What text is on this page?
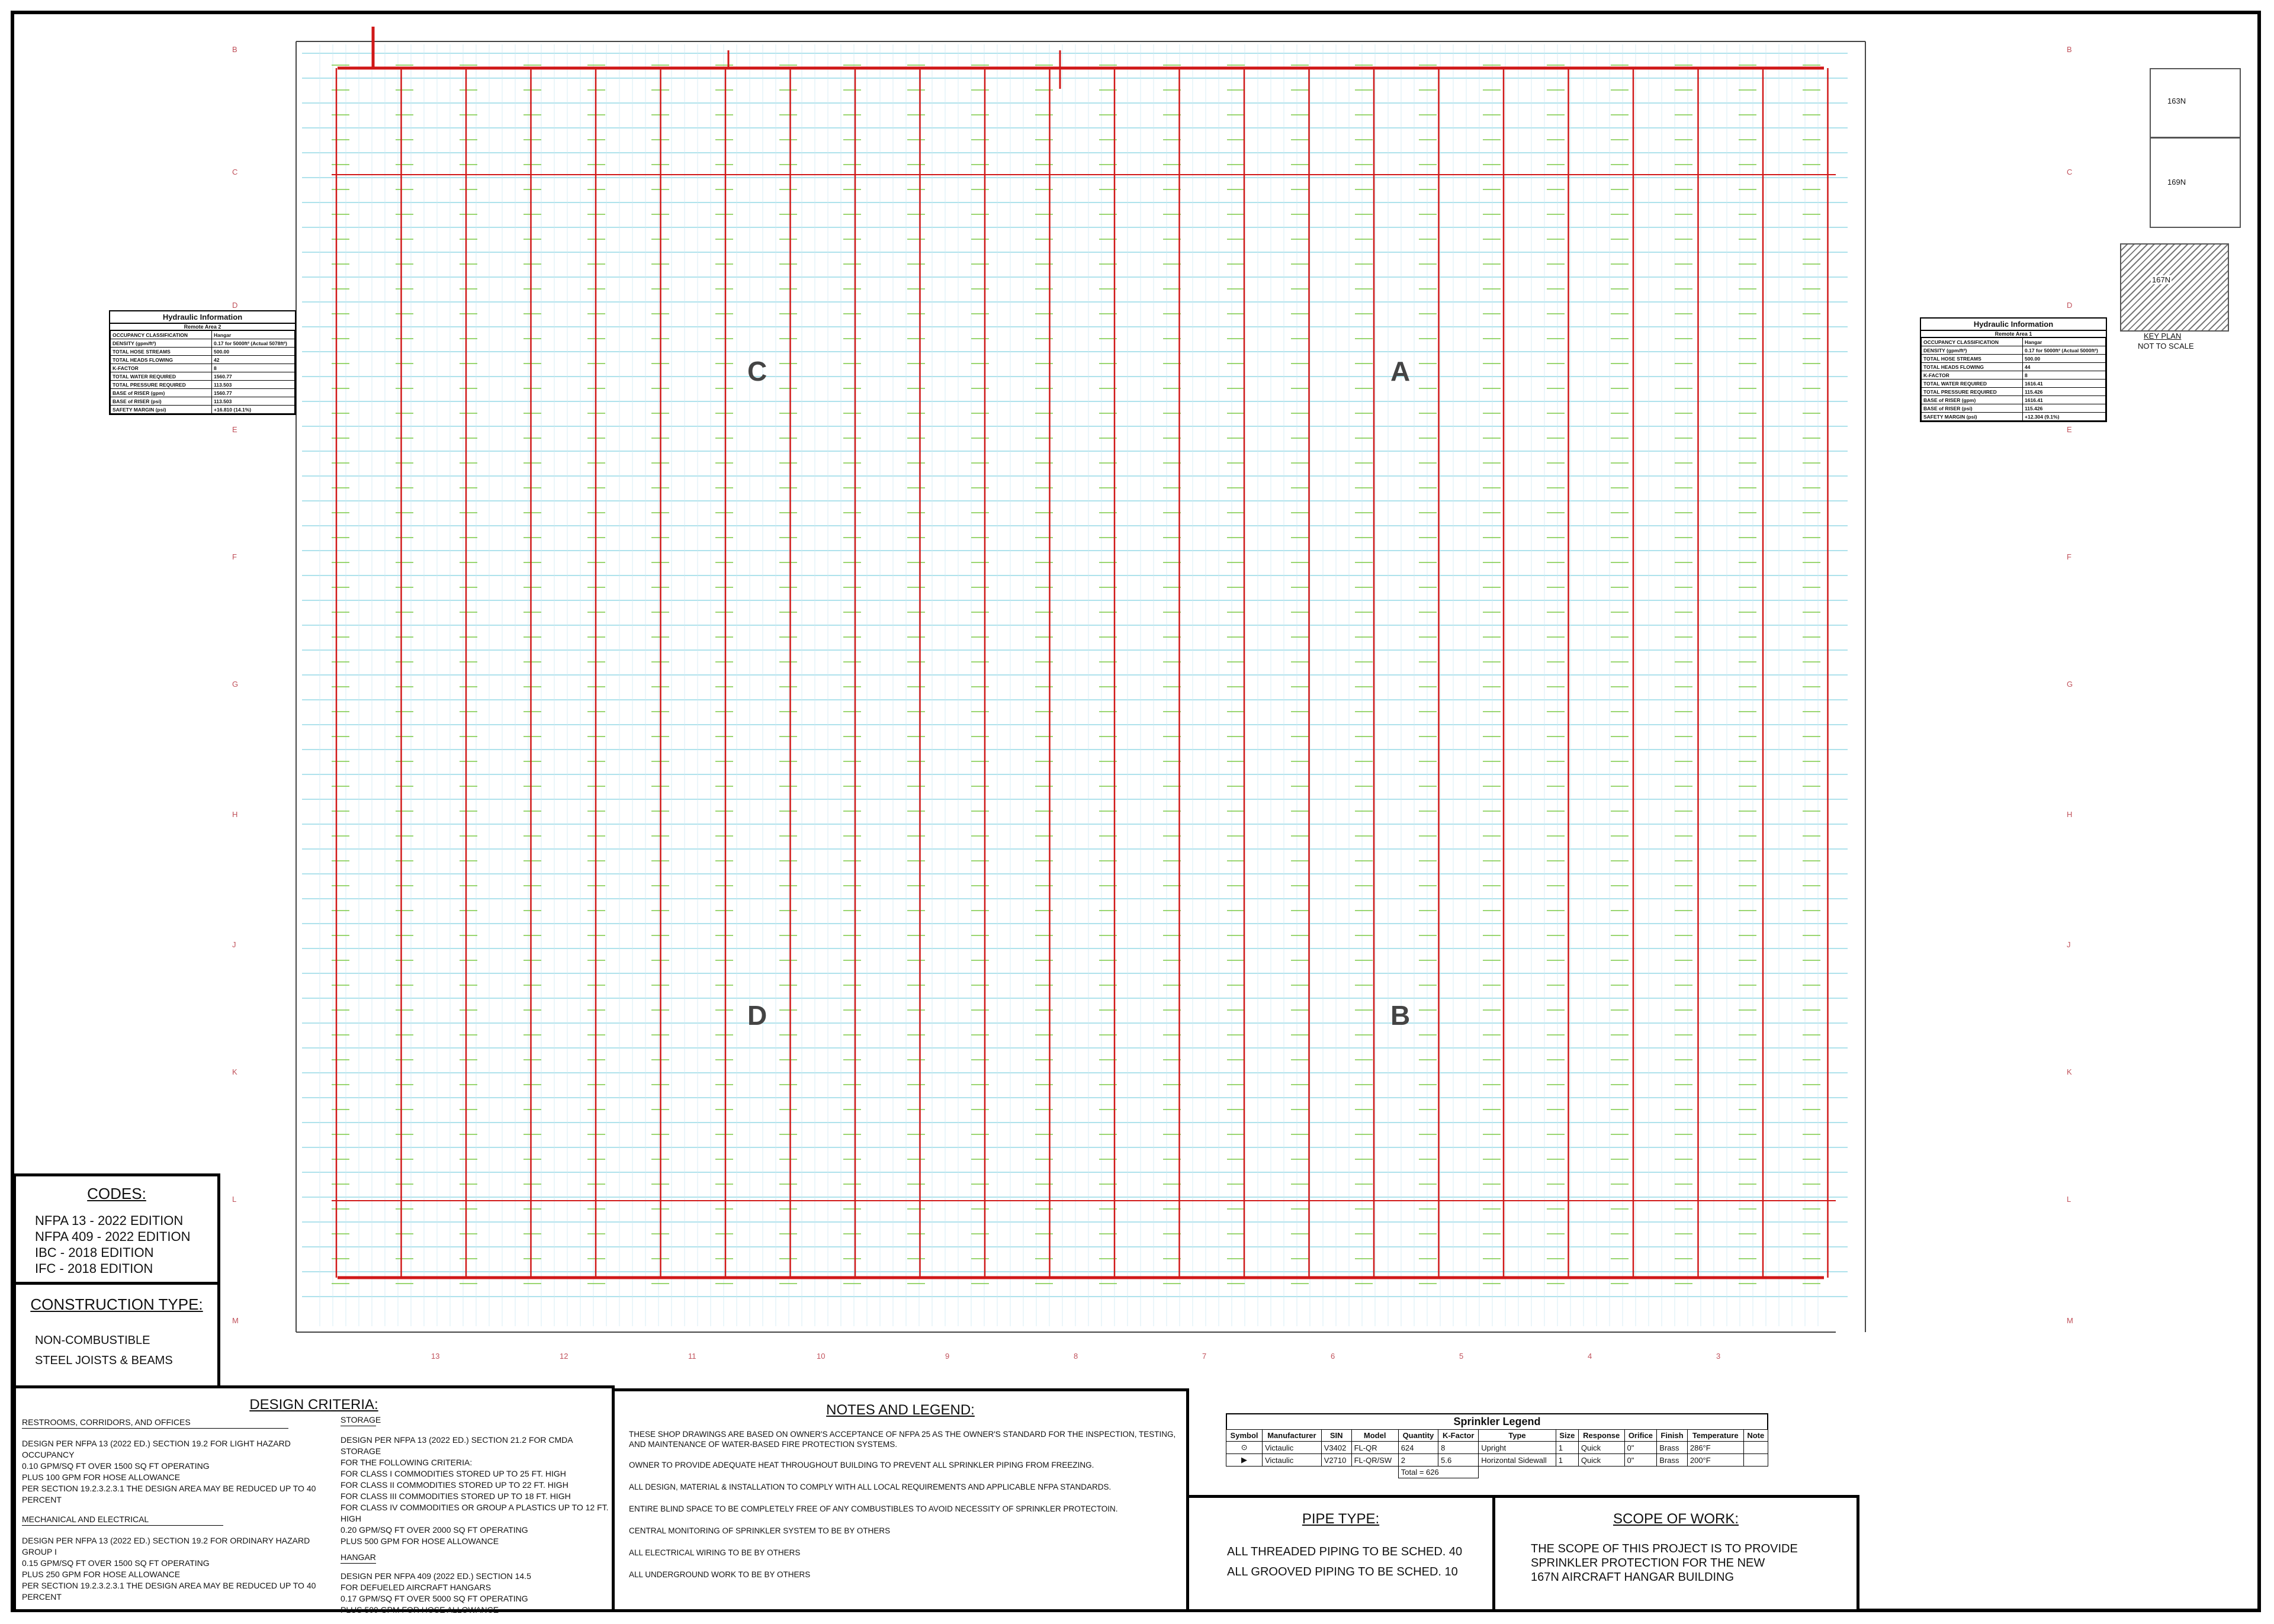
B	B
C	C
D	D
E	E
F	F
G	G
H	H
J	J
K	K
L	L
M	M
13	12	11	10	9	8	7	6	5	4	3
C	A
D	B
Hydraulic Information
Remote Area 2
OCCUPANCY CLASSIFICATION	Hangar
DENSITY (gpm/ft²)	0.17 for 5000ft² (Actual 5078ft²)
TOTAL HOSE STREAMS	500.00
TOTAL HEADS FLOWING	42
K-FACTOR	8
TOTAL WATER REQUIRED	1560.77
TOTAL PRESSURE REQUIRED	113.503
BASE of RISER (gpm)	1560.77
BASE of RISER (psi)	113.503
SAFETY MARGIN (psi)	+16.810 (14.1%)
Hydraulic Information
Remote Area 1
OCCUPANCY CLASSIFICATION	Hangar
DENSITY (gpm/ft²)	0.17 for 5000ft² (Actual 5000ft²)
TOTAL HOSE STREAMS	500.00
TOTAL HEADS FLOWING	44
K-FACTOR	8
TOTAL WATER REQUIRED	1616.41
TOTAL PRESSURE REQUIRED	115.426
BASE of RISER (gpm)	1616.41
BASE of RISER (psi)	115.426
SAFETY MARGIN (psi)	+12.304 (9.1%)
163N
169N
167N
KEY PLAN
NOT TO SCALE
CODES:
NFPA 13 - 2022 EDITION
NFPA 409 - 2022 EDITION
IBC - 2018 EDITION
IFC - 2018 EDITION
CONSTRUCTION TYPE:
NON-COMBUSTIBLE
STEEL JOISTS & BEAMS
DESIGN CRITERIA:
RESTROOMS, CORRIDORS, AND OFFICES
DESIGN PER NFPA 13 (2022 ED.) SECTION 19.2 FOR LIGHT HAZARD OCCUPANCY
0.10 GPM/SQ FT OVER 1500 SQ FT OPERATING
PLUS 100 GPM FOR HOSE ALLOWANCE
PER SECTION 19.2.3.2.3.1 THE DESIGN AREA MAY BE REDUCED UP TO 40 PERCENT
MECHANICAL AND ELECTRICAL
DESIGN PER NFPA 13 (2022 ED.) SECTION 19.2 FOR ORDINARY HAZARD GROUP I
0.15 GPM/SQ FT OVER 1500 SQ FT OPERATING
PLUS 250 GPM FOR HOSE ALLOWANCE
PER SECTION 19.2.3.2.3.1 THE DESIGN AREA MAY BE REDUCED UP TO 40 PERCENT
STORAGE
DESIGN PER NFPA 13 (2022 ED.) SECTION 21.2 FOR CMDA STORAGE
FOR THE FOLLOWING CRITERIA:
FOR CLASS I COMMODITIES STORED UP TO 25 FT. HIGH
FOR CLASS II COMMODITIES STORED UP TO 22 FT. HIGH
FOR CLASS III COMMODITIES STORED UP TO 18 FT. HIGH
FOR CLASS IV COMMODITIES OR GROUP A PLASTICS UP TO 12 FT. HIGH
0.20 GPM/SQ FT OVER 2000 SQ FT OPERATING
PLUS 500 GPM FOR HOSE ALLOWANCE
HANGAR
DESIGN PER NFPA 409 (2022 ED.) SECTION 14.5
FOR DEFUELED AIRCRAFT HANGARS
0.17 GPM/SQ FT OVER 5000 SQ FT OPERATING
PLUS 500 GPM FOR HOSE ALLOWANCE
NOTES AND LEGEND:
THESE SHOP DRAWINGS ARE BASED ON OWNER'S ACCEPTANCE OF NFPA 25 AS THE OWNER'S STANDARD FOR THE INSPECTION, TESTING, AND MAINTENANCE OF WATER-BASED FIRE PROTECTION SYSTEMS.
OWNER TO PROVIDE ADEQUATE HEAT THROUGHOUT BUILDING TO PREVENT ALL SPRINKLER PIPING FROM FREEZING.
ALL DESIGN, MATERIAL & INSTALLATION TO COMPLY WITH ALL LOCAL REQUIREMENTS AND APPLICABLE NFPA STANDARDS.
ENTIRE BLIND SPACE TO BE COMPLETELY FREE OF ANY COMBUSTIBLES TO AVOID NECESSITY OF SPRINKLER PROTECTOIN.
CENTRAL MONITORING OF SPRINKLER SYSTEM TO BE BY OTHERS
ALL ELECTRICAL WIRING TO BE BY OTHERS
ALL UNDERGROUND WORK TO BE BY OTHERS
Sprinkler Legend
Symbol	Manufacturer	SIN	Model	Quantity	K-Factor	Type	Size	Response	Orifice	Finish	Temperature	Note
⊙	Victaulic	V3402	FL-QR	624	8	Upright	1	Quick	0"	Brass	286°F	
▶	Victaulic	V2710	FL-QR/SW	2	5.6	Horizontal Sidewall	1	Quick	0"	Brass	200°F	
				Total = 626								
PIPE TYPE:
ALL THREADED PIPING TO BE SCHED. 40
ALL GROOVED PIPING TO BE SCHED. 10
SCOPE OF WORK:
THE SCOPE OF THIS PROJECT IS TO PROVIDE
SPRINKLER PROTECTION FOR THE NEW
167N AIRCRAFT HANGAR BUILDING
